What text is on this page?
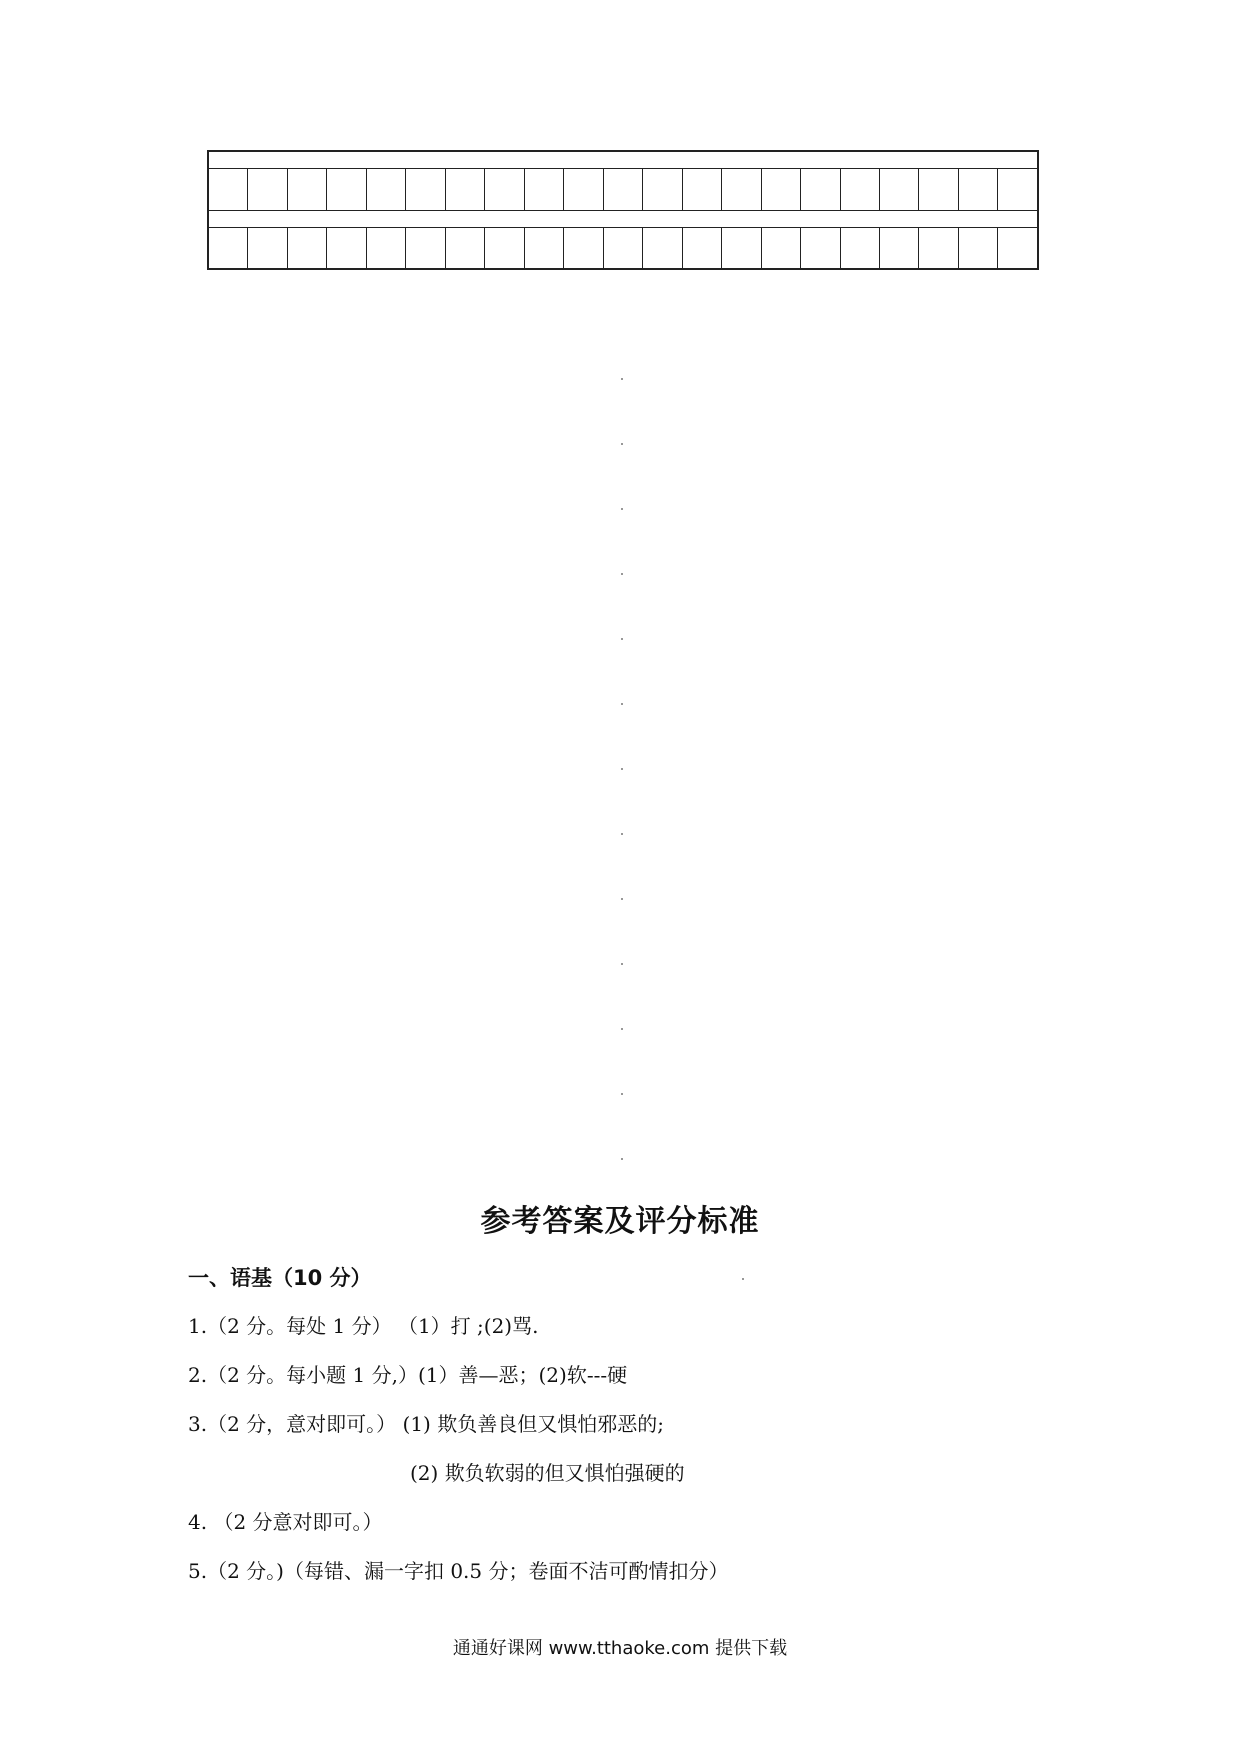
参考答案及评分标准
一、语基（10 分）
1.（2 分。每处 1 分） （1）打 ;(2)骂.
2.（2 分。每小题 1 分,）(1）善—恶；(2)软---硬
3.（2 分，意对即可。） (1) 欺负善良但又惧怕邪恶的;
(2) 欺负软弱的但又惧怕强硬的
4. （2 分意对即可。）
5.（2 分。)（每错、漏一字扣 0.5 分；卷面不洁可酌情扣分）
通通好课网 www.tthaoke.com 提供下载
